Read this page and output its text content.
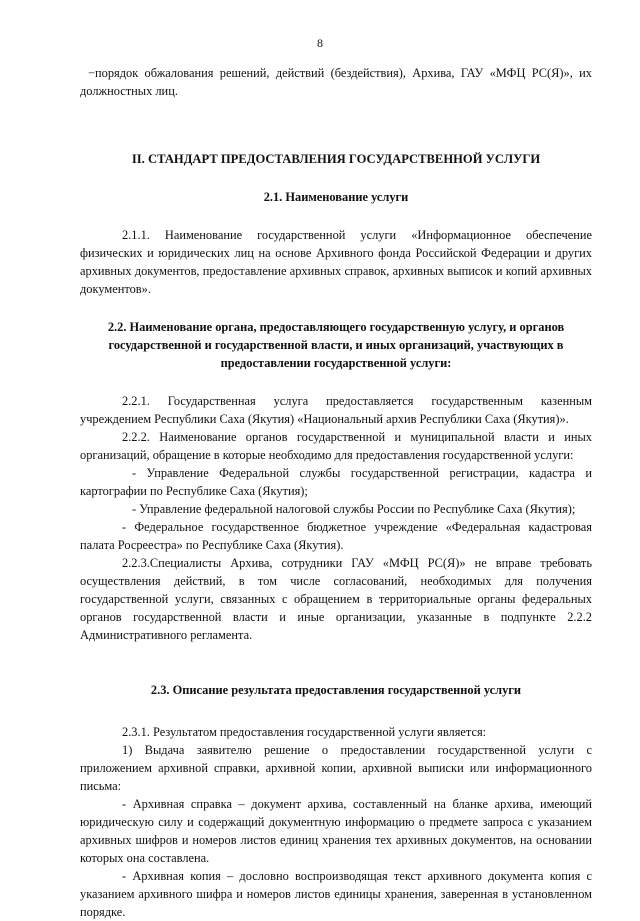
8

−порядок обжалования решений, действий (бездействия), Архива, ГАУ «МФЦ РС(Я)», их должностных лиц.

II. СТАНДАРТ ПРЕДОСТАВЛЕНИЯ ГОСУДАРСТВЕННОЙ УСЛУГИ

2.1. Наименование услуги

2.1.1. Наименование государственной услуги «Информационное обеспечение физических и юридических лиц на основе Архивного фонда Российской Федерации и других архивных документов, предоставление архивных справок, архивных выписок и копий архивных документов».

2.2. Наименование органа, предоставляющего государственную услугу, и органов государственной и государственной власти, и иных организаций, участвующих в предоставлении государственной услуги:

2.2.1. Государственная услуга предоставляется государственным казенным учреждением Республики Саха (Якутия) «Национальный архив Республики Саха (Якутия)».

2.2.2. Наименование органов государственной и муниципальной власти и иных организаций, обращение в которые необходимо для предоставления государственной услуги:

- Управление Федеральной службы государственной регистрации, кадастра и картографии по Республике Саха (Якутия);

- Управление федеральной налоговой службы России по Республике Саха (Якутия);

- Федеральное государственное бюджетное учреждение «Федеральная кадастровая палата Росреестра» по Республике Саха (Якутия).

2.2.3.Специалисты Архива, сотрудники ГАУ «МФЦ РС(Я)» не вправе требовать осуществления действий, в том числе согласований, необходимых для получения государственной услуги, связанных с обращением в территориальные органы федеральных органов государственной власти и иные организации, указанные в подпункте 2.2.2 Административного регламента.

2.3. Описание результата предоставления государственной услуги

2.3.1. Результатом предоставления государственной услуги является:

1) Выдача заявителю решение о предоставлении государственной услуги с приложением архивной справки, архивной копии, архивной выписки или информационного письма:

- Архивная справка – документ архива, составленный на бланке архива, имеющий юридическую силу и содержащий документную информацию о предмете запроса с указанием архивных шифров и номеров листов единиц хранения тех архивных документов, на основании которых она составлена.

- Архивная копия – дословно воспроизводящая текст архивного документа копия с указанием архивного шифра и номеров листов единицы хранения, заверенная в установленном порядке.
